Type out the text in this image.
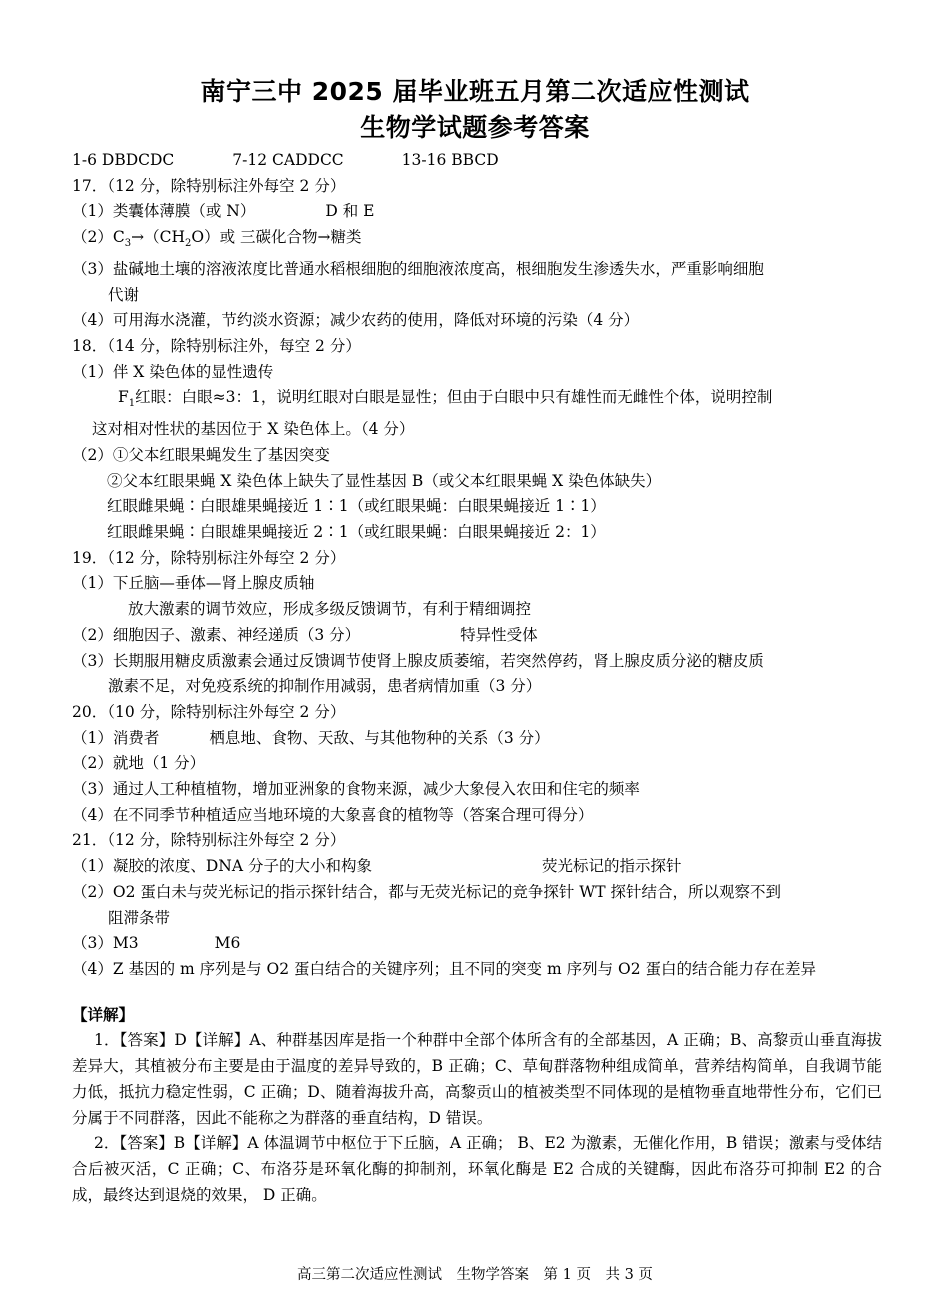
南宁三中 2025 届毕业班五月第二次适应性测试
生物学试题参考答案
1-6 DBDCDC	7-12 CADDCC	13-16 BBCD
17．（12 分，除特别标注外每空 2 分）
（1）类囊体薄膜（或 N）	D 和 E
$(2)C_3\to(CH_2O)$或 三碳化合物→糖类
（3）盐碱地土壤的溶液浓度比普通水稻根细胞的细胞液浓度高，根细胞发生渗透失水，严重影响细胞
代谢
（4）可用海水浇灌，节约淡水资源；减少农药的使用，降低对环境的污染（4 分）
18．（14 分，除特别标注外，每空 2 分）
（1）伴 X 染色体的显性遗传
$F_1$红眼：白眼≈3：1，说明红眼对白眼是显性；但由于白眼中只有雄性而无雌性个体，说明控制
这对相对性状的基因位于 X 染色体上。（4 分）
（2）①父本红眼果蝇发生了基因突变
②父本红眼果蝇 X 染色体上缺失了显性基因 B（或父本红眼果蝇 X 染色体缺失）
红眼雌果蝇∶白眼雄果蝇接近 1∶1（或红眼果蝇：白眼果蝇接近 1∶1）
红眼雌果蝇∶白眼雄果蝇接近 2∶1（或红眼果蝇：白眼果蝇接近 2：1）
19．（12 分，除特别标注外每空 2 分）
（1）下丘脑—垂体—肾上腺皮质轴
放大激素的调节效应，形成多级反馈调节，有利于精细调控
（2）细胞因子、激素、神经递质（3 分）	特异性受体
（3）长期服用糖皮质激素会通过反馈调节使肾上腺皮质萎缩，若突然停药，肾上腺皮质分泌的糖皮质
激素不足，对免疫系统的抑制作用减弱，患者病情加重（3 分）
20．（10 分，除特别标注外每空 2 分）
（1）消费者	栖息地、食物、天敌、与其他物种的关系（3 分）
（2）就地（1 分）
（3）通过人工种植植物，增加亚洲象的食物来源，减少大象侵入农田和住宅的频率
（4）在不同季节种植适应当地环境的大象喜食的植物等（答案合理可得分）
21．（12 分，除特别标注外每空 2 分）
（1）凝胶的浓度、DNA 分子的大小和构象	荧光标记的指示探针
（2）O2 蛋白未与荧光标记的指示探针结合，都与无荧光标记的竞争探针 WT 探针结合，所以观察不到
阻滞条带
（3）M3	M6
（4）Z 基因的 m 序列是与 O2 蛋白结合的关键序列；且不同的突变 m 序列与 O2 蛋白的结合能力存在差异
【详解】
1．【答案】D【详解】A、种群基因库是指一个种群中全部个体所含有的全部基因，A 正确；B、高黎贡山垂直海拔差异大，其植被分布主要是由于温度的差异导致的，B 正确；C、草甸群落物种组成简单，营养结构简单，自我调节能力低，抵抗力稳定性弱，C 正确；D、随着海拔升高，高黎贡山的植被类型不同体现的是植物垂直地带性分布，它们已分属于不同群落，因此不能称之为群落的垂直结构，D 错误。
2．【答案】B【详解】A 体温调节中枢位于下丘脑，A 正确； B、E2 为激素，无催化作用，B 错误；激素与受体结合后被灭活，C 正确；C、布洛芬是环氧化酶的抑制剂，环氧化酶是 E2 合成的关键酶，因此布洛芬可抑制 E2 的合成，最终达到退烧的效果， D 正确。
高三第二次适应性测试　生物学答案　第 1 页　共 3 页
